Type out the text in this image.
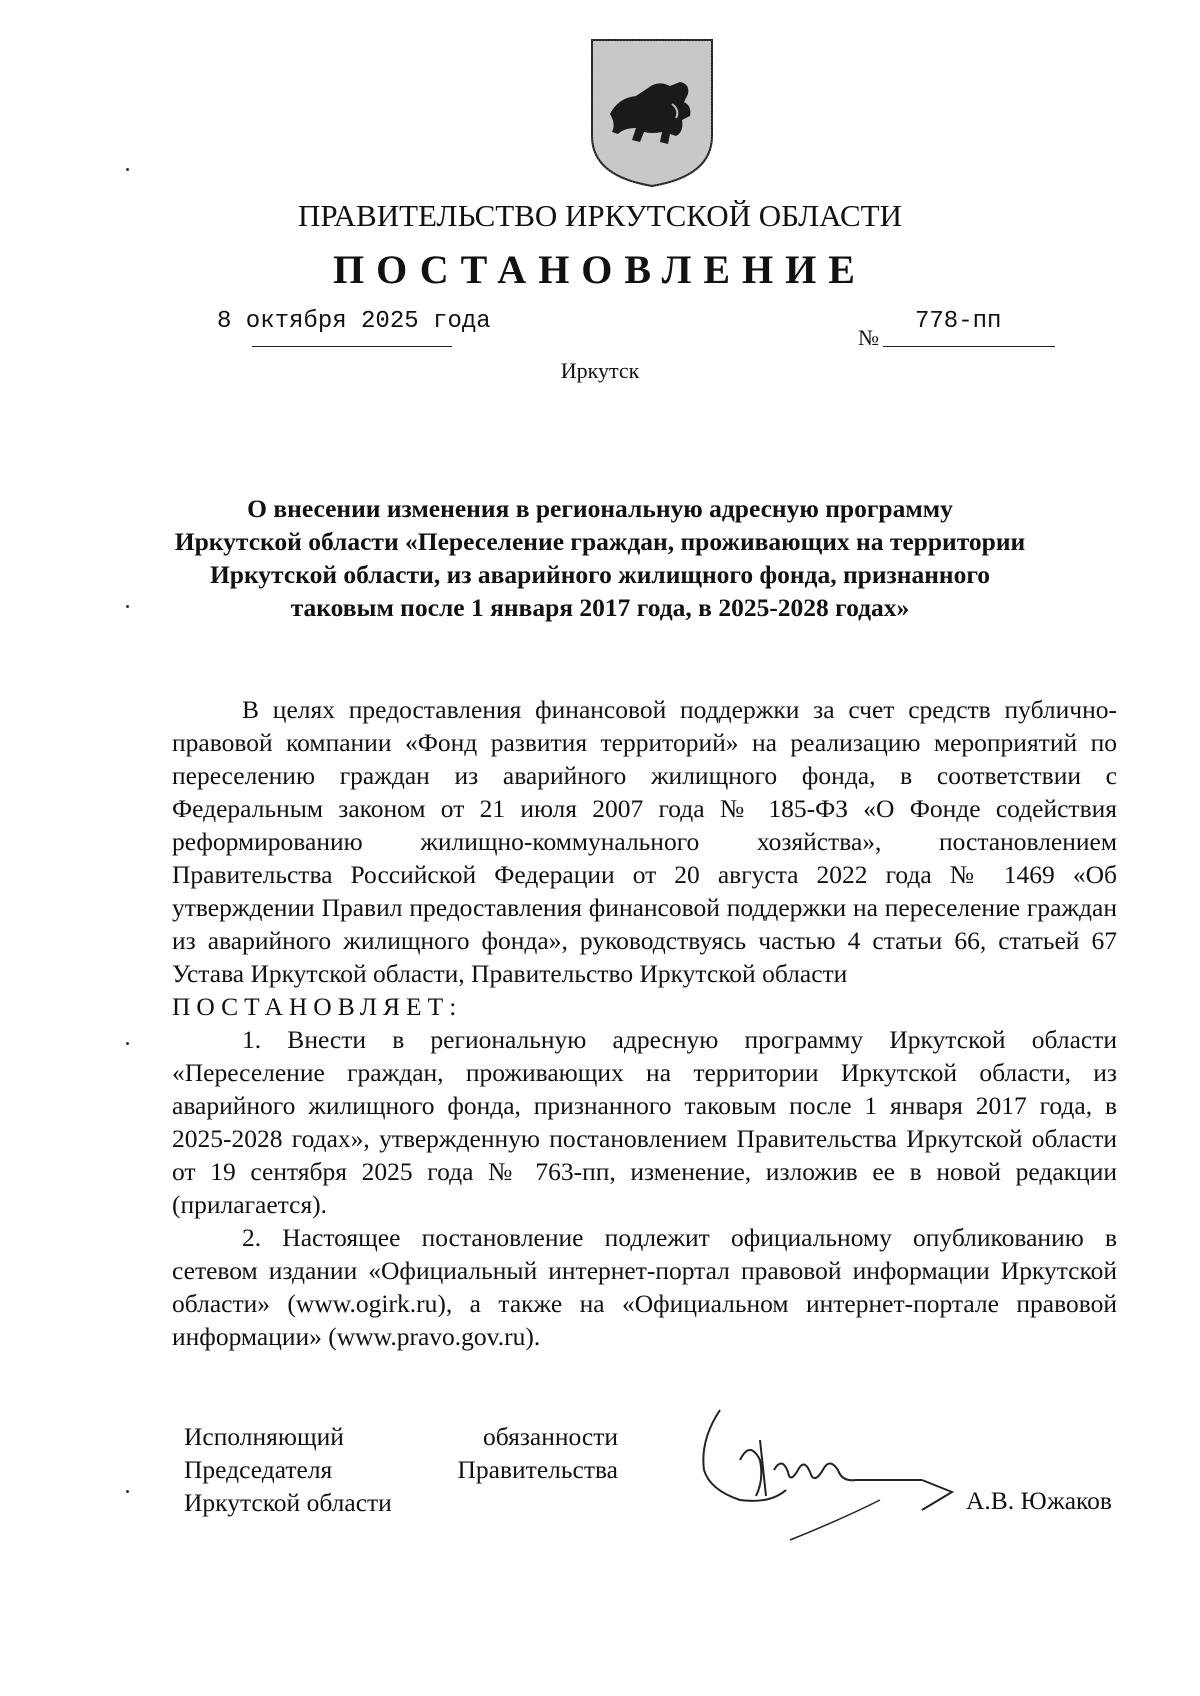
ПРАВИТЕЛЬСТВО ИРКУТСКОЙ ОБЛАСТИ
ПОСТАНОВЛЕНИЕ
8 октября 2025 года
№
778-пп
Иркутск
О внесении изменения в региональную адресную программу
Иркутской области «Переселение граждан, проживающих на территории
Иркутской области, из аварийного жилищного фонда, признанного
таковым после 1 января 2017 года, в 2025-2028 годах»

В целях предоставления финансовой поддержки за счет средств публично-правовой компании «Фонд развития территорий» на реализацию мероприятий по переселению граждан из аварийного жилищного фонда, в соответствии с Федеральным законом от 21 июля 2007 года № 185-ФЗ «О Фонде содействия реформированию жилищно-коммунального хозяйства», постановлением Правительства Российской Федерации от 20 августа 2022 года № 1469 «Об утверждении Правил предоставления финансовой поддержки на переселение граждан из аварийного жилищного фонда», руководствуясь частью 4 статьи 66, статьей 67 Устава Иркутской области, Правительство Иркутской области

ПОСТАНОВЛЯЕТ:

1. Внести в региональную адресную программу Иркутской области «Переселение граждан, проживающих на территории Иркутской области, из аварийного жилищного фонда, признанного таковым после 1 января 2017 года, в 2025-2028 годах», утвержденную постановлением Правительства Иркутской области от 19 сентября 2025 года № 763-пп, изменение, изложив ее в новой редакции (прилагается).

2. Настоящее постановление подлежит официальному опубликованию в сетевом издании «Официальный интернет-портал правовой информации Иркутской области» (www.ogirk.ru), а также на «Официальном интернет-портале правовой информации» (www.pravo.gov.ru).

Исполняющий	обязанности
Председателя	Правительства
Иркутской области	А.В. Южаков
